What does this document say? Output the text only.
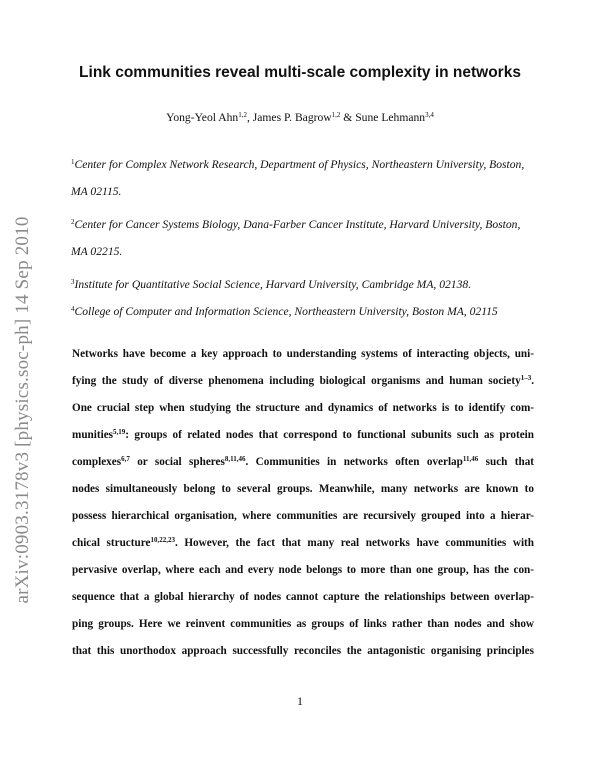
arXiv:0903.3178v3 [physics.soc-ph] 14 Sep 2010
Link communities reveal multi-scale complexity in networks
Yong-Yeol Ahn$^{1,2}$, James P. Bagrow$^{1,2}$ & Sune Lehmann$^{3,4}$
$^1$Center for Complex Network Research, Department of Physics, Northeastern University, Boston,
MA 02115.
$^2$Center for Cancer Systems Biology, Dana-Farber Cancer Institute, Harvard University, Boston,
MA 02215.
$^3$Institute for Quantitative Social Science, Harvard University, Cambridge MA, 02138.
$^4$College of Computer and Information Science, Northeastern University, Boston MA, 02115
Networks have become a key approach to understanding systems of interacting objects, uni-
fying the study of diverse phenomena including biological organisms and human society$^{1-3}$.
One crucial step when studying the structure and dynamics of networks is to identify com-
munities$^{5,19}$: groups of related nodes that correspond to functional subunits such as protein
complexes$^{6,7}$ or social spheres$^{8,11,46}$. Communities in networks often overlap$^{11,46}$ such that
nodes simultaneously belong to several groups. Meanwhile, many networks are known to
possess hierarchical organisation, where communities are recursively grouped into a hierar-
chical structure$^{10,22,23}$. However, the fact that many real networks have communities with
pervasive overlap, where each and every node belongs to more than one group, has the con-
sequence that a global hierarchy of nodes cannot capture the relationships between overlap-
ping groups. Here we reinvent communities as groups of links rather than nodes and show
that this unorthodox approach successfully reconciles the antagonistic organising principles
1
